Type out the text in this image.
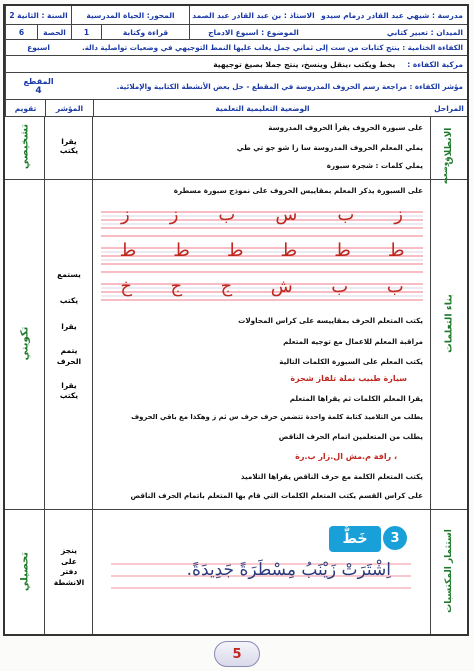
مدرسة : شيهي عبد القادر درمام سيدو
الاستاذ : بن عبد القادر عبد الصمد
المحور: الحياة المدرسية
السنة : الثانية 2
الميدان : تعبير كتابي
الموضوع : اسبوع الادماج
قراءة وكتابة
1
الحصة
6
الكفاءة الختامية : ينتج كتابات من ست إلى ثماني جمل يغلب عليها النمط التوجيهي في وضعيات تواصلية دالة.
اسبوع
مركبة الكفاءة :
يخط ويكتب ،ينقل وينسخ، ينتج جملا بصيغ توجيهية
مؤشر الكفاءة : مراجعة رسم الحروف المدروسة في المقطع - حل بعض الأنشطة الكتابية والإملائية.
المقطع
4
المراحل
الوضعية التعليمية التعلمية
المؤشر
تقويم
الانطلاق
وضعيه
على سبورة الحروف يقرأ الحروف المدروسة
يملي المعلم الحروف المدروسة سا زا شو جو تي طي
يملي كلمات : شجرة سبورة
يقرا
يكتب
تشخيصي
بناء التعلمات
على السبورة يذكر المعلم بمقاييس الحروف على نموذج سبورة مسطرة
ز
ب
س
ب
ز
ز
ط
ط
ط
ط
ط
ط
ب
ب
ش
ج
ج
خ
يكتب المتعلم الحرف بمقاييسه على كراس المحاولات
مراقبة المعلم للاعمال مع توجيه المتعلم
يكتب المعلم على السبورة الكلمات التالية
سيارة طبيب نملة تلفاز شجرة
يقرا المعلم الكلمات ثم يقراها المتعلم
يطلب من التلاميذ كتابة كلمة واحدة تتضمن حرف حرف س ثم ز وهكذا مع باقي الحروف
يطلب من المتعلمين اتمام الحرف الناقص
، رافة م.مش ال.زار ب.رة
يكتب المتعلم الكلمة مع حرف الناقص يقراها التلاميذ
على كراس القسم يكتب المتعلم الكلمات التي قام بها المتعلم باتمام الحرف الناقص
يستمع
يكتب
يقرا
يتمم الحرف
يقرا يكتب
تكويني
استثمار المكتسبات
3
خَطٌّ
اِشْتَرَتْ زَيْنَبُ مِسْطَرَةً جَدِيدَةً.
ينجز
على
دفتر
الانشطة
تحصيلي
5
